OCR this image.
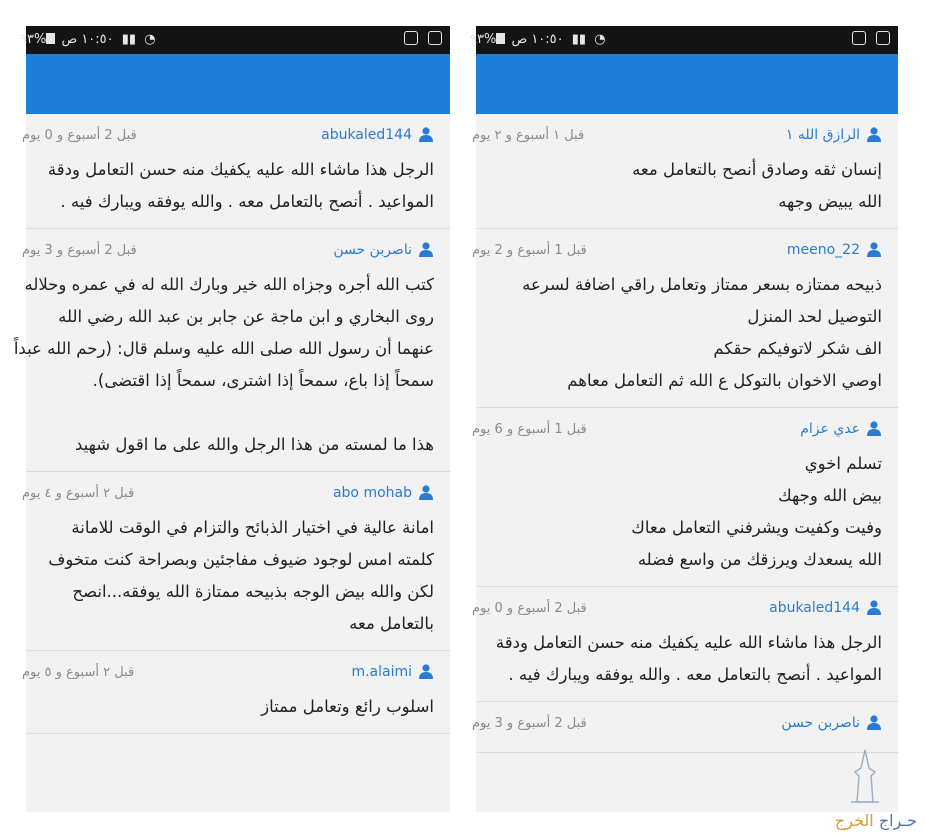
١٠:٥٠ ص %٩٣	▮▮ ◔

قبل 2 أسبوع و 0 يوم	abukaled144
الرجل هذا ماشاء الله عليه يكفيك منه حسن التعامل ودقة
المواعيد . أنصح بالتعامل معه . والله يوفقه ويبارك فيه .
قبل 2 أسبوع و 3 يوم	ناصربن حسن
كتب الله أجره وجزاه الله خير وبارك الله له في عمره وحلاله
روى البخاري و ابن ماجة عن جابر بن عبد الله رضي الله
عنهما أن رسول الله صلى الله عليه وسلم قال: (رحم الله عبداً
سمحاً إذا باع، سمحاً إذا اشترى، سمحاً إذا اقتضى).
هذا ما لمسته من هذا الرجل والله على ما اقول شهيد
قبل ٢ أسبوع و ٤ يوم	abo mohab
امانة عالية في اختيار الذبائح والتزام في الوقت للامانة
كلمته امس لوجود ضيوف مفاجئين وبصراحة كنت متخوف
لكن والله بيض الوجه بذبيحه ممتازة الله يوفقه...انصح
بالتعامل معه
قبل ٢ أسبوع و ٥ يوم	m.alaimi
اسلوب رائع وتعامل ممتاز
١٠:٥٠ ص %٩٣	▮▮ ◔

قبل ١ أسبوع و ٢ يوم	الرازق الله ١
إنسان ثقه وصادق أنصح بالتعامل معه
الله يبيض وجهه
قبل 1 أسبوع و 2 يوم	meeno_22
ذبيحه ممتازه بسعر ممتاز وتعامل راقي اضافة لسرعه
التوصيل لحد المنزل
الف شكر لاتوفيكم حقكم
اوصي الاخوان بالتوكل ع الله ثم التعامل معاهم
قبل 1 أسبوع و 6 يوم	عدي عزام
تسلم اخوي
بيض الله وجهك
وفيت وكفيت ويشرفني التعامل معاك
الله يسعدك ويرزقك من واسع فضله
قبل 2 أسبوع و 0 يوم	abukaled144
الرجل هذا ماشاء الله عليه يكفيك منه حسن التعامل ودقة
المواعيد . أنصح بالتعامل معه . والله يوفقه ويبارك فيه .
قبل 2 أسبوع و 3 يوم	ناصربن حسن
حـراج الخرج
